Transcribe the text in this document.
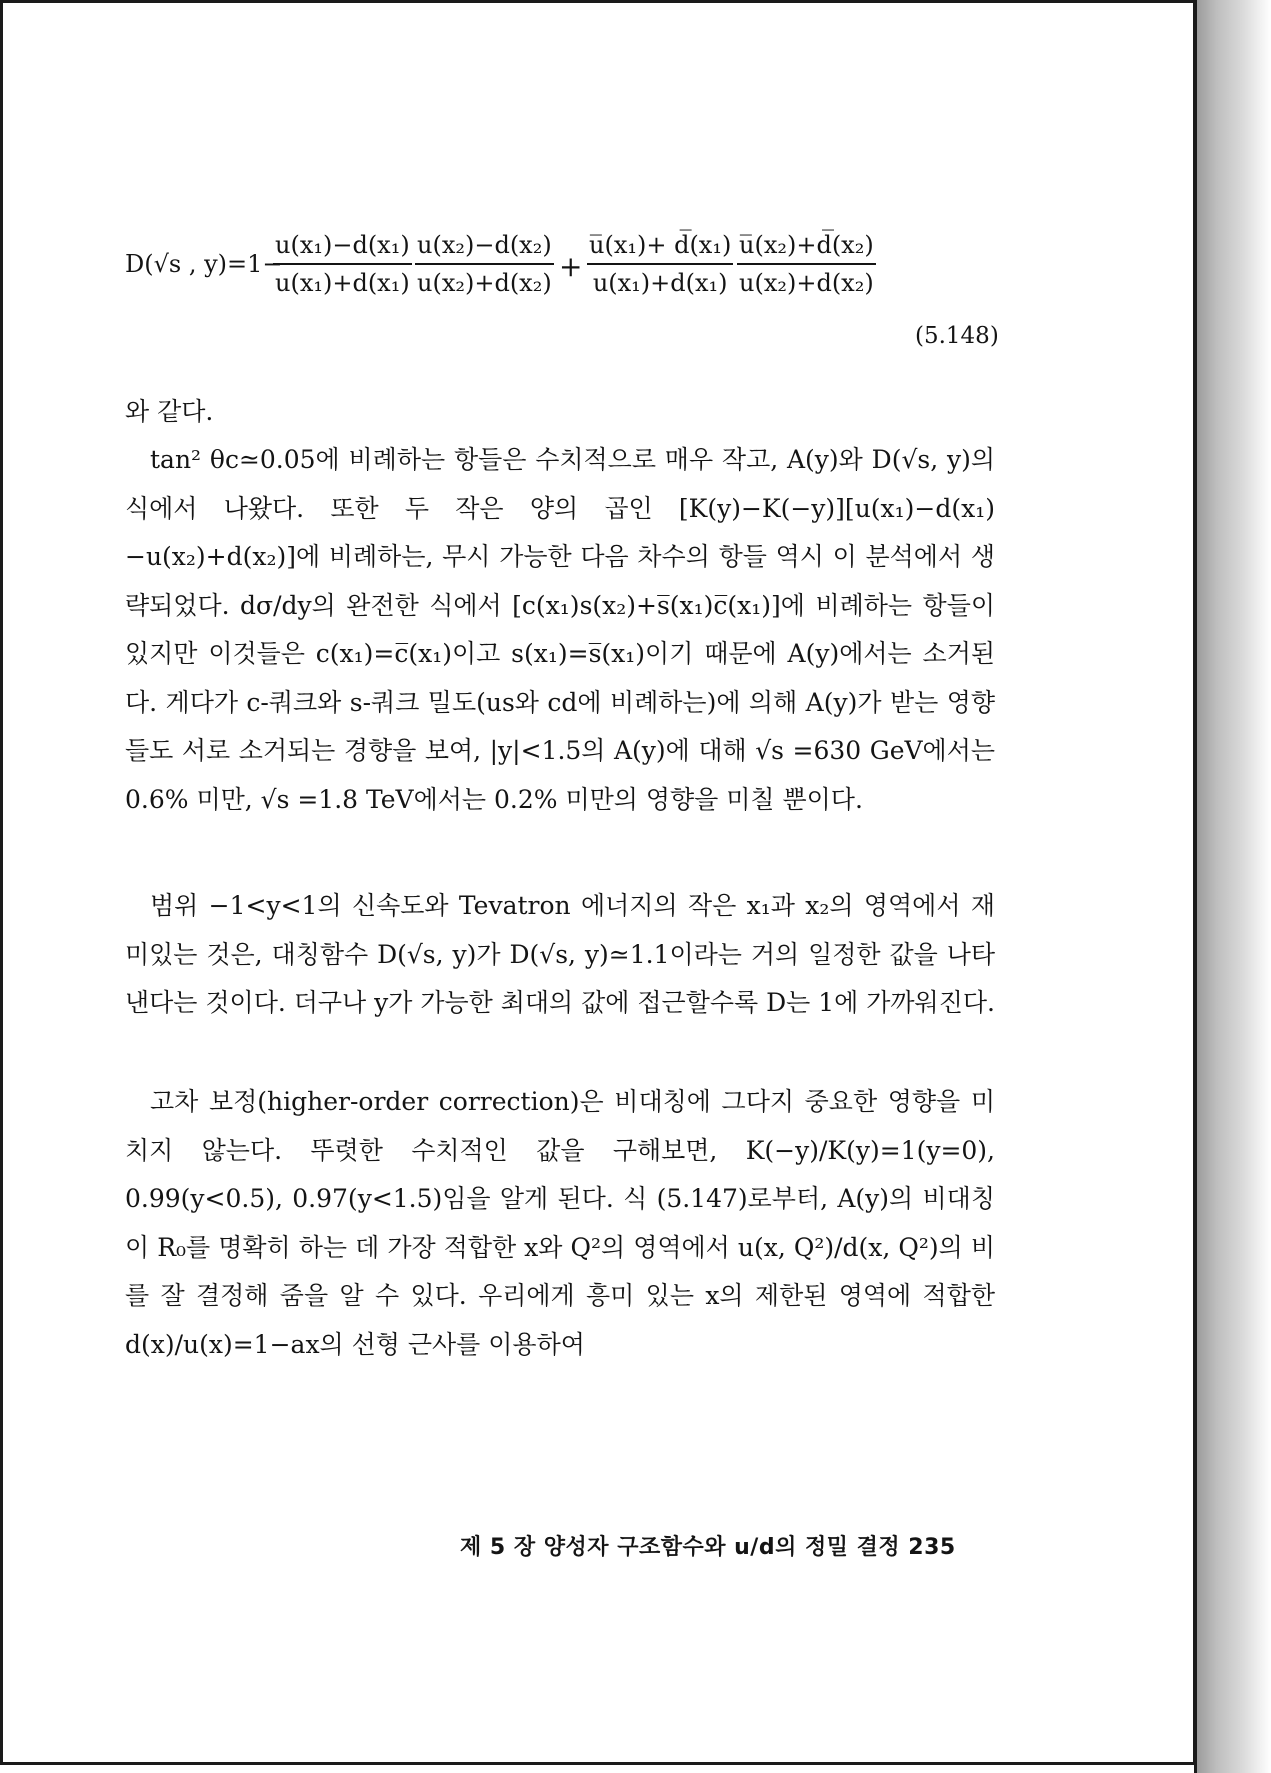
D(√s , y)=1−
$\frac{\text{u(x₁)−d(x₁)}}{\text{u(x₁)+d(x₁)}} \frac{\text{u(x₂)−d(x₂)}}{\text{u(x₂)+d(x₂)}} + \frac{\text{u̅(x₁)+ d̅(x₁)}}{\text{u(x₁)+d(x₁)}} \frac{\text{u̅(x₂)+d̅(x₂)}}{\text{u(x₂)+d(x₂)}}$
(5.148)
와 같다.
tan² θc≃0.05에 비례하는 항들은 수치적으로 매우 작고, A(y)와 D(√s, y)의 식에서 나왔다. 또한 두 작은 양의 곱인 [K(y)−K(−y)][u(x₁)−d(x₁)−u(x₂)+d(x₂)]에 비례하는, 무시 가능한 다음 차수의 항들 역시 이 분석에서 생략되었다. dσ/dy의 완전한 식에서 [c(x₁)s(x₂)+s̅(x₁)c̅(x₁)]에 비례하는 항들이 있지만 이것들은 c(x₁)=c̅(x₁)이고 s(x₁)=s̅(x₁)이기 때문에 A(y)에서는 소거된다. 게다가 c-쿼크와 s-쿼크 밀도(us와 cd에 비례하는)에 의해 A(y)가 받는 영향들도 서로 소거되는 경향을 보여, |y|<1.5의 A(y)에 대해 √s =630 GeV에서는 0.6% 미만, √s =1.8 TeV에서는 0.2% 미만의 영향을 미칠 뿐이다.
범위 −1<y<1의 신속도와 Tevatron 에너지의 작은 x₁과 x₂의 영역에서 재미있는 것은, 대칭함수 D(√s, y)가 D(√s, y)≃1.1이라는 거의 일정한 값을 나타낸다는 것이다. 더구나 y가 가능한 최대의 값에 접근할수록 D는 1에 가까워진다.
고차 보정(higher-order correction)은 비대칭에 그다지 중요한 영향을 미치지 않는다. 뚜렷한 수치적인 값을 구해보면, K(−y)/K(y)=1(y=0), 0.99(y<0.5), 0.97(y<1.5)임을 알게 된다. 식 (5.147)로부터, A(y)의 비대칭이 R₀를 명확히 하는 데 가장 적합한 x와 Q²의 영역에서 u(x, Q²)/d(x, Q²)의 비를 잘 결정해 줌을 알 수 있다. 우리에게 흥미 있는 x의 제한된 영역에 적합한 d(x)/u(x)=1−ax의 선형 근사를 이용하여
제 5 장 양성자 구조함수와 u/d의 정밀 결정 235
